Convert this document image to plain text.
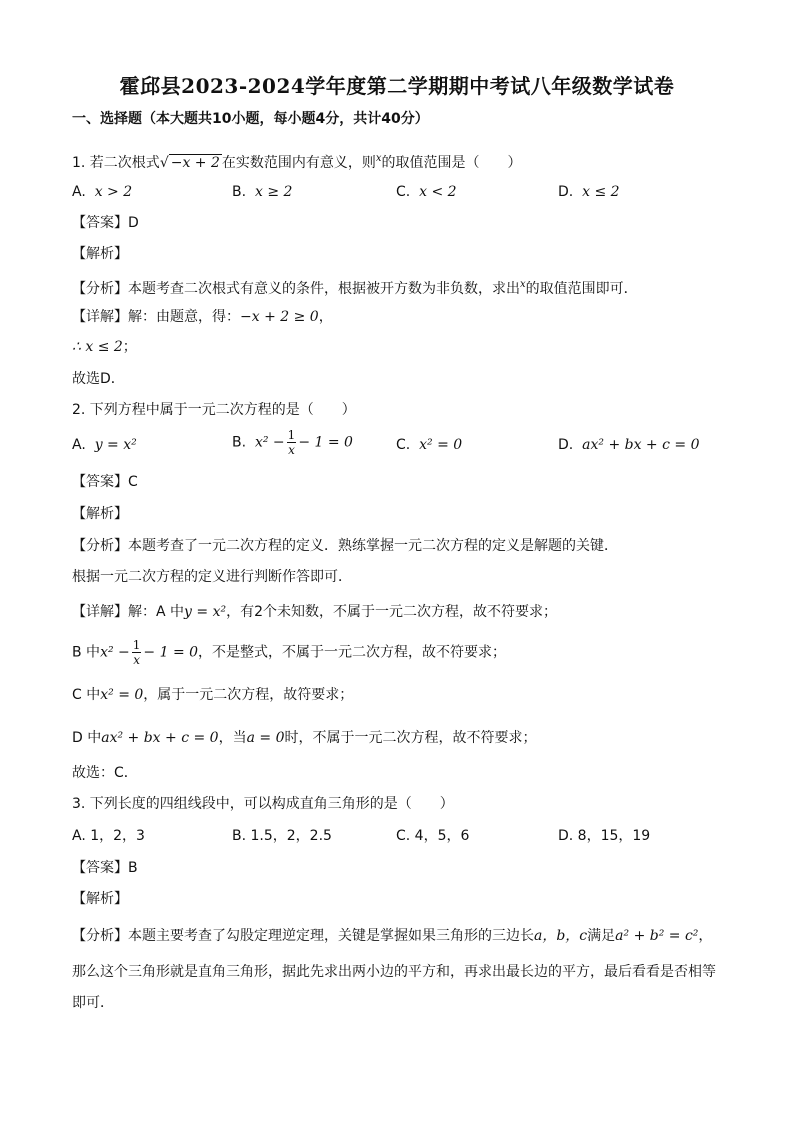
霍邱县2023-2024学年度第二学期期中考试八年级数学试卷
一、选择题（本大题共10小题，每小题4分，共计40分）
1. 若二次根式√ −x + 2 在实数范围内有意义，则$^x$的取值范围是（　　）
A. x > 2	B. x ≥ 2	C. x < 2	D. x ≤ 2
【答案】D
【解析】
【分析】本题考查二次根式有意义的条件，根据被开方数为非负数，求出$^x$的取值范围即可．
【详解】解：由题意，得：−x + 2 ≥ 0，
∴ x ≤ 2；
故选D．
2. 下列方程中属于一元二次方程的是（　　）
A. y = x²	B. $x^2 - \frac{1}{x} - 1 = 0$	C. x² = 0	D. ax² + bx + c = 0
【答案】C
【解析】
【分析】本题考查了一元二次方程的定义．熟练掌握一元二次方程的定义是解题的关键．
根据一元二次方程的定义进行判断作答即可．
【详解】解：A 中y = x²，有2个未知数，不属于一元二次方程，故不符要求；
B 中$x^2 - \frac{1}{x} - 1 = 0$，不是整式，不属于一元二次方程，故不符要求；
C 中x² = 0，属于一元二次方程，故符要求；
D 中ax² + bx + c = 0，当a = 0时，不属于一元二次方程，故不符要求；
故选：C．
3. 下列长度的四组线段中，可以构成直角三角形的是（　　）
A. 1，2，3	B. 1.5，2，2.5	C. 4，5，6	D. 8，15，19
【答案】B
【解析】
【分析】本题主要考查了勾股定理逆定理，关键是掌握如果三角形的三边长a，b，c满足a² + b² = c²，
那么这个三角形就是直角三角形，据此先求出两小边的平方和，再求出最长边的平方，最后看看是否相等
即可．
